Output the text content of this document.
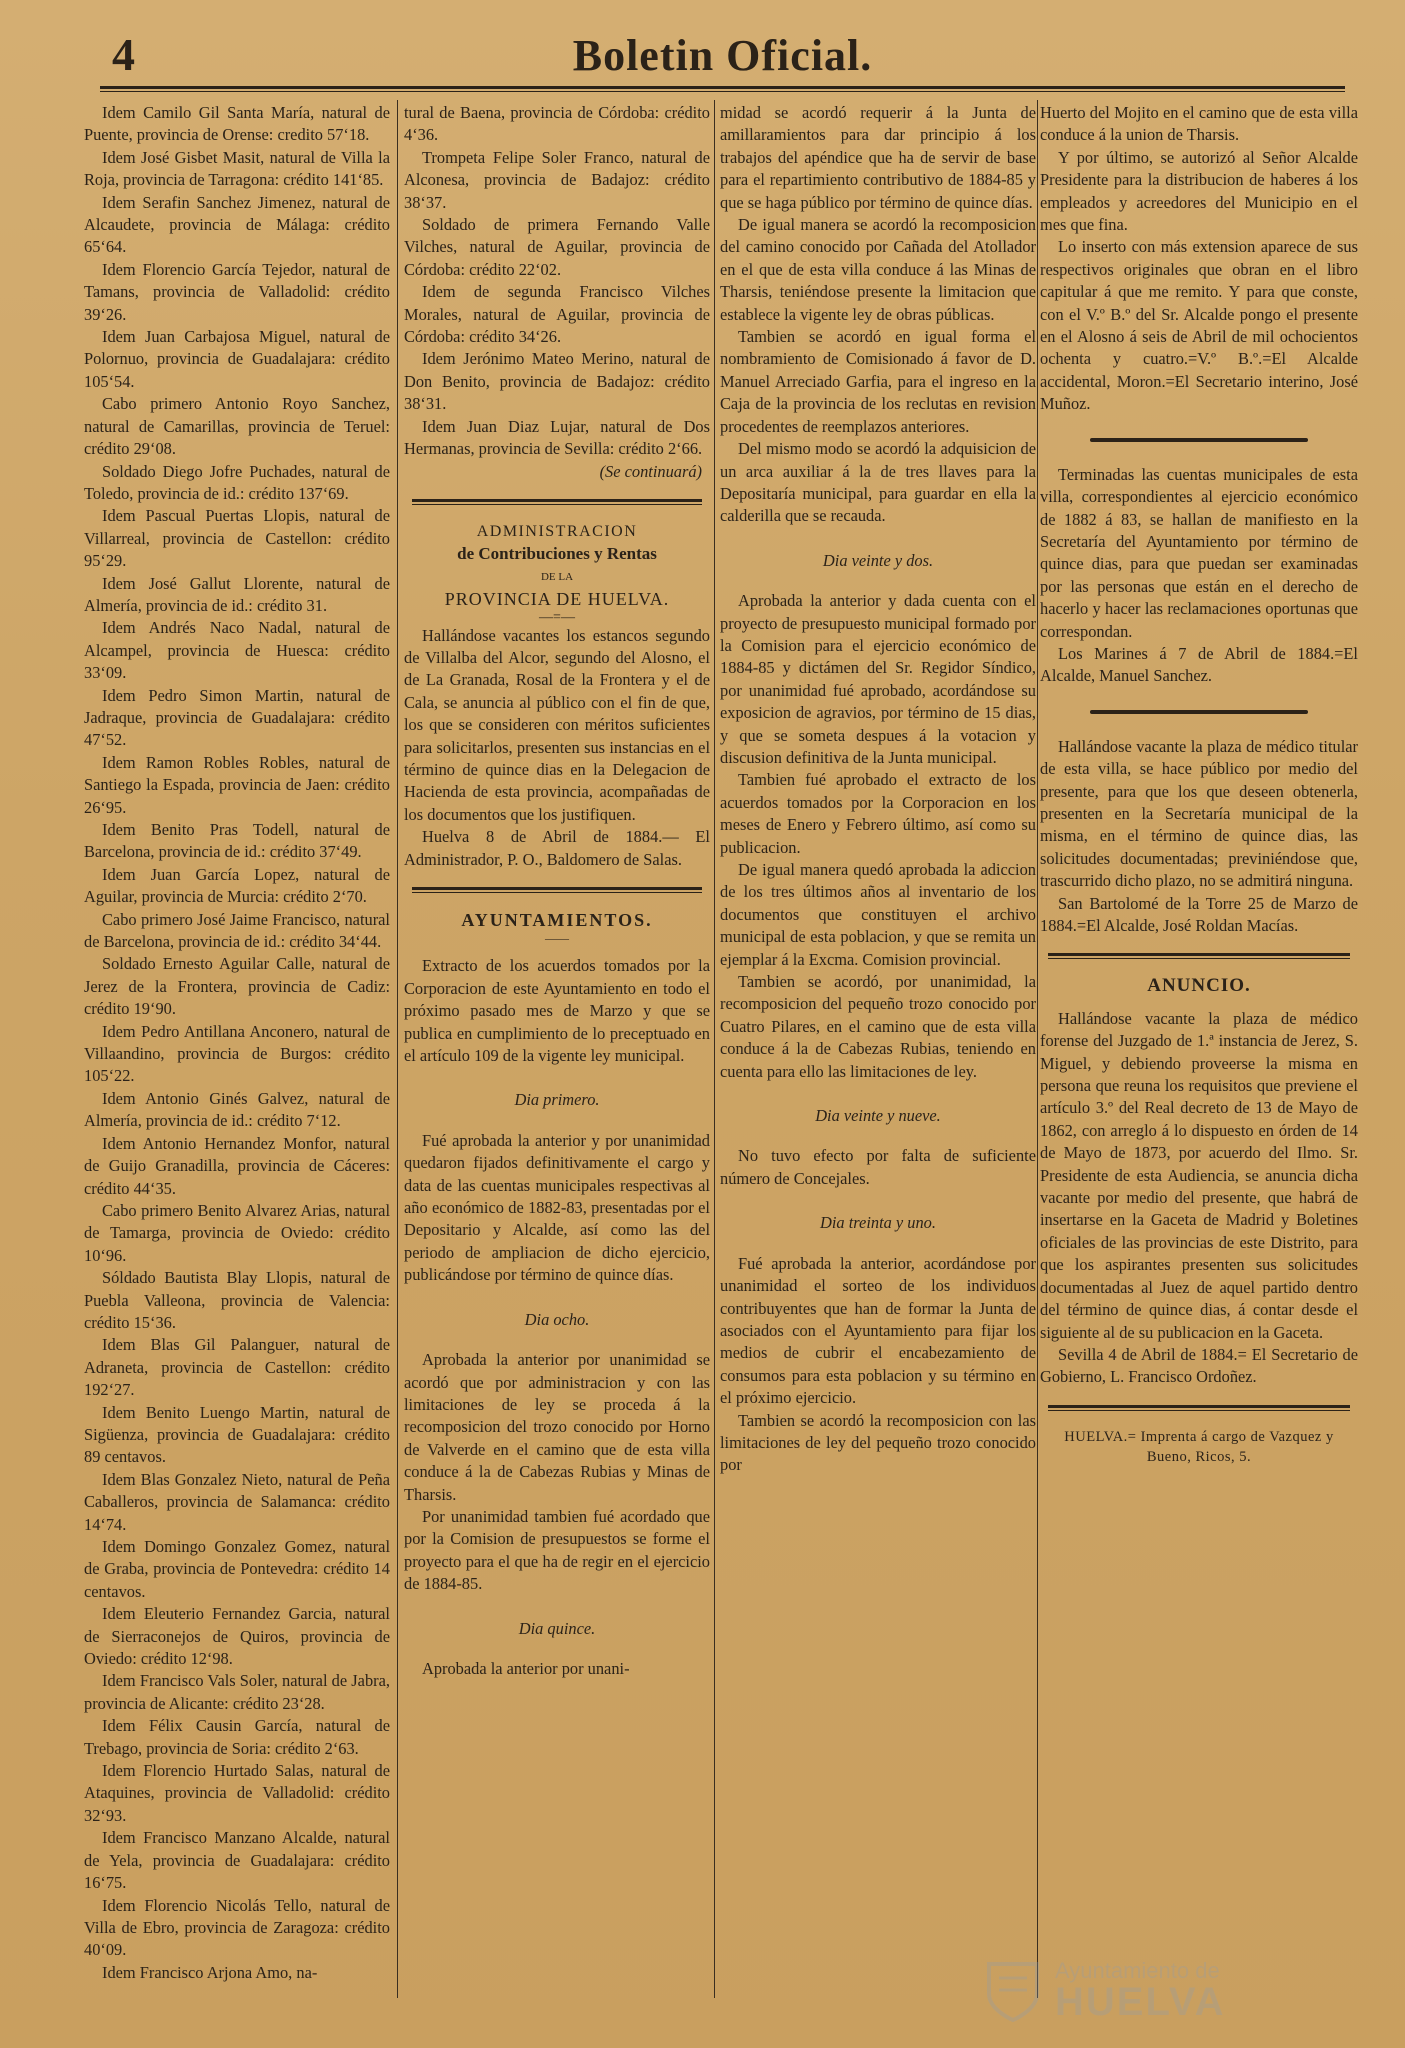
4	Boletin Oficial.

Idem Camilo Gil Santa María, natural de Puente, provincia de Orense: credito 57‘18.

Idem José Gisbet Masit, natural de Villa la Roja, provincia de Tarragona: crédito 141‘85.

Idem Serafin Sanchez Jimenez, natural de Alcaudete, provincia de Málaga: crédito 65‘64.

Idem Florencio García Tejedor, natural de Tamans, provincia de Valladolid: crédito 39‘26.

Idem Juan Carbajosa Miguel, natural de Polornuo, provincia de Guadalajara: crédito 105‘54.

Cabo primero Antonio Royo Sanchez, natural de Camarillas, provincia de Teruel: crédito 29‘08.

Soldado Diego Jofre Puchades, natural de Toledo, provincia de id.: crédito 137‘69.

Idem Pascual Puertas Llopis, natural de Villarreal, provincia de Castellon: crédito 95‘29.

Idem José Gallut Llorente, natural de Almería, provincia de id.: crédito 31.

Idem Andrés Naco Nadal, natural de Alcampel, provincia de Huesca: crédito 33‘09.

Idem Pedro Simon Martin, natural de Jadraque, provincia de Guadalajara: crédito 47‘52.

Idem Ramon Robles Robles, natural de Santiego la Espada, provincia de Jaen: crédito 26‘95.

Idem Benito Pras Todell, natural de Barcelona, provincia de id.: crédito 37‘49.

Idem Juan García Lopez, natural de Aguilar, provincia de Murcia: crédito 2‘70.

Cabo primero José Jaime Francisco, natural de Barcelona, provincia de id.: crédito 34‘44.

Soldado Ernesto Aguilar Calle, natural de Jerez de la Frontera, provincia de Cadiz: crédito 19‘90.

Idem Pedro Antillana Anconero, natural de Villaandino, provincia de Burgos: crédito 105‘22.

Idem Antonio Ginés Galvez, natural de Almería, provincia de id.: crédito 7‘12.

Idem Antonio Hernandez Monfor, natural de Guijo Granadilla, provincia de Cáceres: crédito 44‘35.

Cabo primero Benito Alvarez Arias, natural de Tamarga, provincia de Oviedo: crédito 10‘96.

Sóldado Bautista Blay Llopis, natural de Puebla Valleona, provincia de Valencia: crédito 15‘36.

Idem Blas Gil Palanguer, natural de Adraneta, provincia de Castellon: crédito 192‘27.

Idem Benito Luengo Martin, natural de Sigüenza, provincia de Guadalajara: crédito 89 centavos.

Idem Blas Gonzalez Nieto, natural de Peña Caballeros, provincia de Salamanca: crédito 14‘74.

Idem Domingo Gonzalez Gomez, natural de Graba, provincia de Pontevedra: crédito 14 centavos.

Idem Eleuterio Fernandez Garcia, natural de Sierraconejos de Quiros, provincia de Oviedo: crédito 12‘98.

Idem Francisco Vals Soler, natural de Jabra, provincia de Alicante: crédito 23‘28.

Idem Félix Causin García, natural de Trebago, provincia de Soria: crédito 2‘63.

Idem Florencio Hurtado Salas, natural de Ataquines, provincia de Valladolid: crédito 32‘93.

Idem Francisco Manzano Alcalde, natural de Yela, provincia de Guadalajara: crédito 16‘75.

Idem Florencio Nicolás Tello, natural de Villa de Ebro, provincia de Zaragoza: crédito 40‘09.

Idem Francisco Arjona Amo, na-

tural de Baena, provincia de Córdoba: crédito 4‘36.

Trompeta Felipe Soler Franco, natural de Alconesa, provincia de Badajoz: crédito 38‘37.

Soldado de primera Fernando Valle Vilches, natural de Aguilar, provincia de Córdoba: crédito 22‘02.

Idem de segunda Francisco Vilches Morales, natural de Aguilar, provincia de Córdoba: crédito 34‘26.

Idem Jerónimo Mateo Merino, natural de Don Benito, provincia de Badajoz: crédito 38‘31.

Idem Juan Diaz Lujar, natural de Dos Hermanas, provincia de Sevilla: crédito 2‘66.

(Se continuará)

ADMINISTRACION
de Contribuciones y Rentas
DE LA
PROVINCIA DE HUELVA.
—=—

Hallándose vacantes los estancos segundo de Villalba del Alcor, segundo del Alosno, el de La Granada, Rosal de la Frontera y el de Cala, se anuncia al público con el fin de que, los que se consideren con méritos suficientes para solicitarlos, presenten sus instancias en el término de quince dias en la Delegacion de Hacienda de esta provincia, acompañadas de los documentos que los justifiquen.

Huelva 8 de Abril de 1884.— El Administrador, P. O., Baldomero de Salas.

AYUNTAMIENTOS.
——

Extracto de los acuerdos tomados por la Corporacion de este Ayuntamiento en todo el próximo pasado mes de Marzo y que se publica en cumplimiento de lo preceptuado en el artículo 109 de la vigente ley municipal.

Dia primero.

Fué aprobada la anterior y por unanimidad quedaron fijados definitivamente el cargo y data de las cuentas municipales respectivas al año económico de 1882-83, presentadas por el Depositario y Alcalde, así como las del periodo de ampliacion de dicho ejercicio, publicándose por término de quince días.

Dia ocho.

Aprobada la anterior por unanimidad se acordó que por administracion y con las limitaciones de ley se proceda á la recomposicion del trozo conocido por Horno de Valverde en el camino que de esta villa conduce á la de Cabezas Rubias y Minas de Tharsis.

Por unanimidad tambien fué acordado que por la Comision de presupuestos se forme el proyecto para el que ha de regir en el ejercicio de 1884-85.

Dia quince.

Aprobada la anterior por unani-

midad se acordó requerir á la Junta de amillaramientos para dar principio á los trabajos del apéndice que ha de servir de base para el repartimiento contributivo de 1884-85 y que se haga público por término de quince días.

De igual manera se acordó la recomposicion del camino conocido por Cañada del Atollador en el que de esta villa conduce á las Minas de Tharsis, teniéndose presente la limitacion que establece la vigente ley de obras públicas.

Tambien se acordó en igual forma el nombramiento de Comisionado á favor de D. Manuel Arreciado Garfia, para el ingreso en la Caja de la provincia de los reclutas en revision procedentes de reemplazos anteriores.

Del mismo modo se acordó la adquisicion de un arca auxiliar á la de tres llaves para la Depositaría municipal, para guardar en ella la calderilla que se recauda.

Dia veinte y dos.

Aprobada la anterior y dada cuenta con el proyecto de presupuesto municipal formado por la Comision para el ejercicio económico de 1884-85 y dictámen del Sr. Regidor Síndico, por unanimidad fué aprobado, acordándose su exposicion de agravios, por término de 15 dias, y que se someta despues á la votacion y discusion definitiva de la Junta municipal.

Tambien fué aprobado el extracto de los acuerdos tomados por la Corporacion en los meses de Enero y Febrero último, así como su publicacion.

De igual manera quedó aprobada la adiccion de los tres últimos años al inventario de los documentos que constituyen el archivo municipal de esta poblacion, y que se remita un ejemplar á la Excma. Comision provincial.

Tambien se acordó, por unanimidad, la recomposicion del pequeño trozo conocido por Cuatro Pilares, en el camino que de esta villa conduce á la de Cabezas Rubias, teniendo en cuenta para ello las limitaciones de ley.

Dia veinte y nueve.

No tuvo efecto por falta de suficiente número de Concejales.

Dia treinta y uno.

Fué aprobada la anterior, acordándose por unanimidad el sorteo de los individuos contribuyentes que han de formar la Junta de asociados con el Ayuntamiento para fijar los medios de cubrir el encabezamiento de consumos para esta poblacion y su término en el próximo ejercicio.

Tambien se acordó la recomposicion con las limitaciones de ley del pequeño trozo conocido por

Huerto del Mojito en el camino que de esta villa conduce á la union de Tharsis.

Y por último, se autorizó al Señor Alcalde Presidente para la distribucion de haberes á los empleados y acreedores del Municipio en el mes que fina.

Lo inserto con más extension aparece de sus respectivos originales que obran en el libro capitular á que me remito. Y para que conste, con el V.º B.º del Sr. Alcalde pongo el presente en el Alosno á seis de Abril de mil ochocientos ochenta y cuatro.=V.º B.º.=El Alcalde accidental, Moron.=El Secretario interino, José Muñoz.

Terminadas las cuentas municipales de esta villa, correspondientes al ejercicio económico de 1882 á 83, se hallan de manifiesto en la Secretaría del Ayuntamiento por término de quince dias, para que puedan ser examinadas por las personas que están en el derecho de hacerlo y hacer las reclamaciones oportunas que correspondan.

Los Marines á 7 de Abril de 1884.=El Alcalde, Manuel Sanchez.

Hallándose vacante la plaza de médico titular de esta villa, se hace público por medio del presente, para que los que deseen obtenerla, presenten en la Secretaría municipal de la misma, en el término de quince dias, las solicitudes documentadas; previniéndose que, trascurrido dicho plazo, no se admitirá ninguna.

San Bartolomé de la Torre 25 de Marzo de 1884.=El Alcalde, José Roldan Macías.

ANUNCIO.

Hallándose vacante la plaza de médico forense del Juzgado de 1.ª instancia de Jerez, S. Miguel, y debiendo proveerse la misma en persona que reuna los requisitos que previene el artículo 3.º del Real decreto de 13 de Mayo de 1862, con arreglo á lo dispuesto en órden de 14 de Mayo de 1873, por acuerdo del Ilmo. Sr. Presidente de esta Audiencia, se anuncia dicha vacante por medio del presente, que habrá de insertarse en la Gaceta de Madrid y Boletines oficiales de las provincias de este Distrito, para que los aspirantes presenten sus solicitudes documentadas al Juez de aquel partido dentro del término de quince dias, á contar desde el siguiente al de su publicacion en la Gaceta.

Sevilla 4 de Abril de 1884.= El Secretario de Gobierno, L. Francisco Ordoñez.

HUELVA.= Imprenta á cargo de Vazquez y Bueno, Ricos, 5.
Ayuntamiento de
HUELVA
